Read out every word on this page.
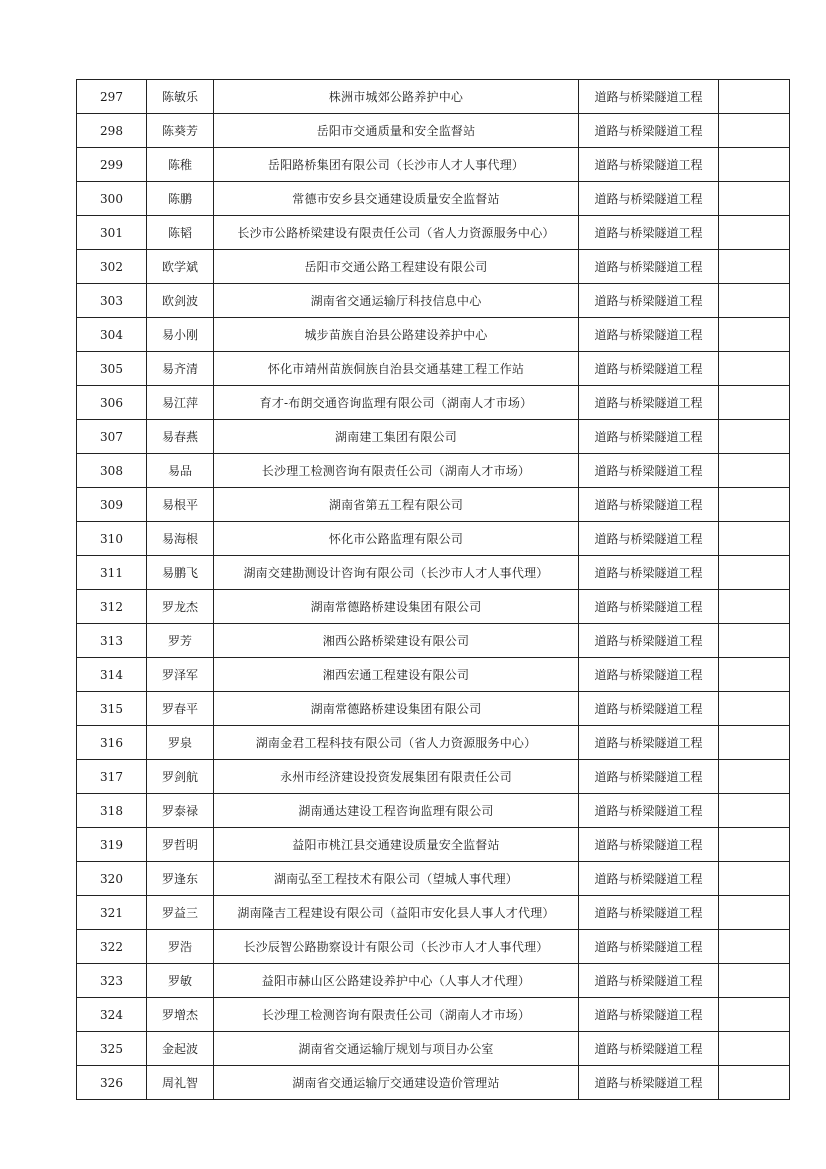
297	陈敏乐	株洲市城郊公路养护中心	道路与桥梁隧道工程	
298	陈葵芳	岳阳市交通质量和安全监督站	道路与桥梁隧道工程	
299	陈稚	岳阳路桥集团有限公司（长沙市人才人事代理）	道路与桥梁隧道工程	
300	陈鹏	常德市安乡县交通建设质量安全监督站	道路与桥梁隧道工程	
301	陈韬	长沙市公路桥梁建设有限责任公司（省人力资源服务中心）	道路与桥梁隧道工程	
302	欧学斌	岳阳市交通公路工程建设有限公司	道路与桥梁隧道工程	
303	欧剑波	湖南省交通运输厅科技信息中心	道路与桥梁隧道工程	
304	易小刚	城步苗族自治县公路建设养护中心	道路与桥梁隧道工程	
305	易齐清	怀化市靖州苗族侗族自治县交通基建工程工作站	道路与桥梁隧道工程	
306	易江萍	育才-布朗交通咨询监理有限公司（湖南人才市场）	道路与桥梁隧道工程	
307	易春燕	湖南建工集团有限公司	道路与桥梁隧道工程	
308	易品	长沙理工检测咨询有限责任公司（湖南人才市场）	道路与桥梁隧道工程	
309	易根平	湖南省第五工程有限公司	道路与桥梁隧道工程	
310	易海根	怀化市公路监理有限公司	道路与桥梁隧道工程	
311	易鹏飞	湖南交建勘测设计咨询有限公司（长沙市人才人事代理）	道路与桥梁隧道工程	
312	罗龙杰	湖南常德路桥建设集团有限公司	道路与桥梁隧道工程	
313	罗芳	湘西公路桥梁建设有限公司	道路与桥梁隧道工程	
314	罗泽军	湘西宏通工程建设有限公司	道路与桥梁隧道工程	
315	罗春平	湖南常德路桥建设集团有限公司	道路与桥梁隧道工程	
316	罗泉	湖南金君工程科技有限公司（省人力资源服务中心）	道路与桥梁隧道工程	
317	罗剑航	永州市经济建设投资发展集团有限责任公司	道路与桥梁隧道工程	
318	罗泰禄	湖南通达建设工程咨询监理有限公司	道路与桥梁隧道工程	
319	罗哲明	益阳市桃江县交通建设质量安全监督站	道路与桥梁隧道工程	
320	罗逢东	湖南弘至工程技术有限公司（望城人事代理）	道路与桥梁隧道工程	
321	罗益三	湖南隆吉工程建设有限公司（益阳市安化县人事人才代理）	道路与桥梁隧道工程	
322	罗浩	长沙辰智公路勘察设计有限公司（长沙市人才人事代理）	道路与桥梁隧道工程	
323	罗敏	益阳市赫山区公路建设养护中心（人事人才代理）	道路与桥梁隧道工程	
324	罗增杰	长沙理工检测咨询有限责任公司（湖南人才市场）	道路与桥梁隧道工程	
325	金起波	湖南省交通运输厅规划与项目办公室	道路与桥梁隧道工程	
326	周礼智	湖南省交通运输厅交通建设造价管理站	道路与桥梁隧道工程	
